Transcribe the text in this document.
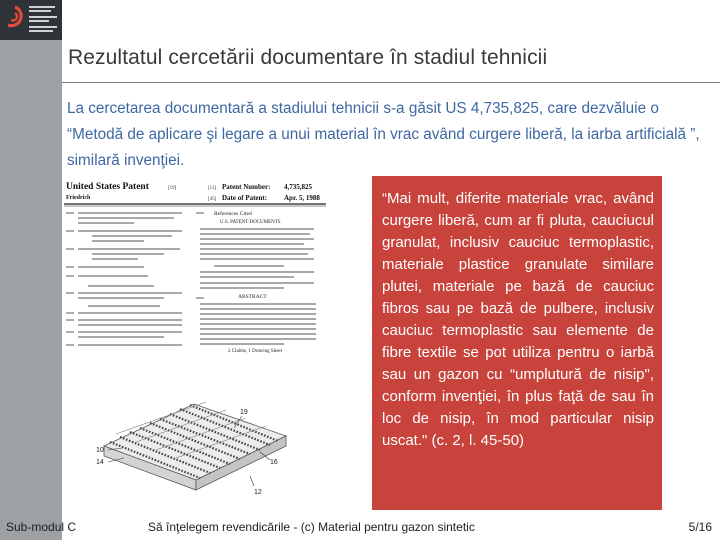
Rezultatul cercetării documentare în stadiul tehnicii

La cercetarea documentară a stadiului tehnicii s-a găsit US 4,735,825, care dezvăluie o “Metodă de aplicare şi legare a unui material în vrac având curgere liberă, la iarba artificială ”, similară invenţiei.

United States Patent
Friedrich
[19]	[11] Patent Number: 4,735,825
[45] Date of Patent: Apr. 5, 1988
References Cited
U.S. PATENT DOCUMENTS
ABSTRACT
2 Claims, 1 Drawing Sheet
10
14	16
12
19

“Mai mult, diferite materiale vrac, având curgere liberă, cum ar fi pluta, cauciucul granulat, inclusiv cauciuc termoplastic, materiale plastice granulate similare plutei, materiale pe bază de cauciuc fibros sau pe bază de pulbere, inclusiv cauciuc termoplastic sau elemente de fibre textile se pot utiliza pentru o iarbă sau un gazon cu “umplutură de nisip", conform invenţiei, în plus faţă de sau în loc de nisip, în mod particular nisip uscat." (c. 2, l. 45-50)

Sub-modul C	Să înţelegem revendicările - (c) Material pentru gazon sintetic	5/16
